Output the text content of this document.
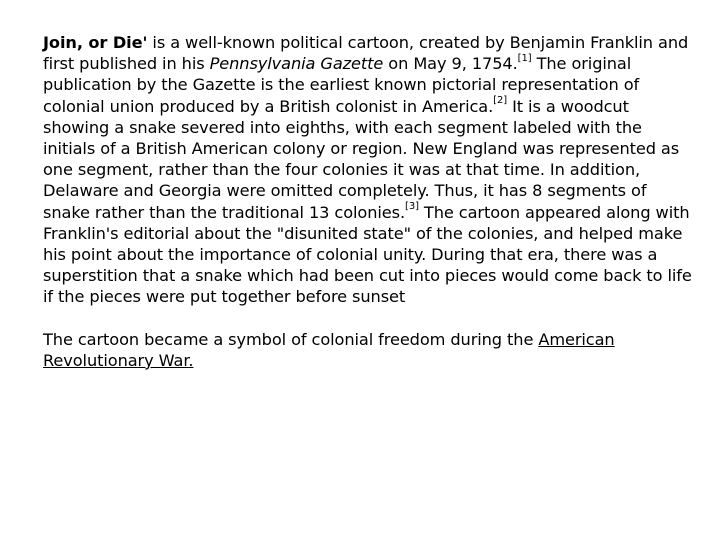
Join, or Die' is a well-known political cartoon, created by Benjamin Franklin and first published in his Pennsylvania Gazette on May 9, 1754.[1] The original publication by the Gazette is the earliest known pictorial representation of colonial union produced by a British colonist in America.[2] It is a woodcut showing a snake severed into eighths, with each segment labeled with the initials of a British American colony or region. New England was represented as one segment, rather than the four colonies it was at that time. In addition, Delaware and Georgia were omitted completely. Thus, it has 8 segments of snake rather than the traditional 13 colonies.[3] The cartoon appeared along with Franklin's editorial about the "disunited state" of the colonies, and helped make his point about the importance of colonial unity. During that era, there was a superstition that a snake which had been cut into pieces would come back to life if the pieces were put together before sunset

The cartoon became a symbol of colonial freedom during the American Revolutionary War.
